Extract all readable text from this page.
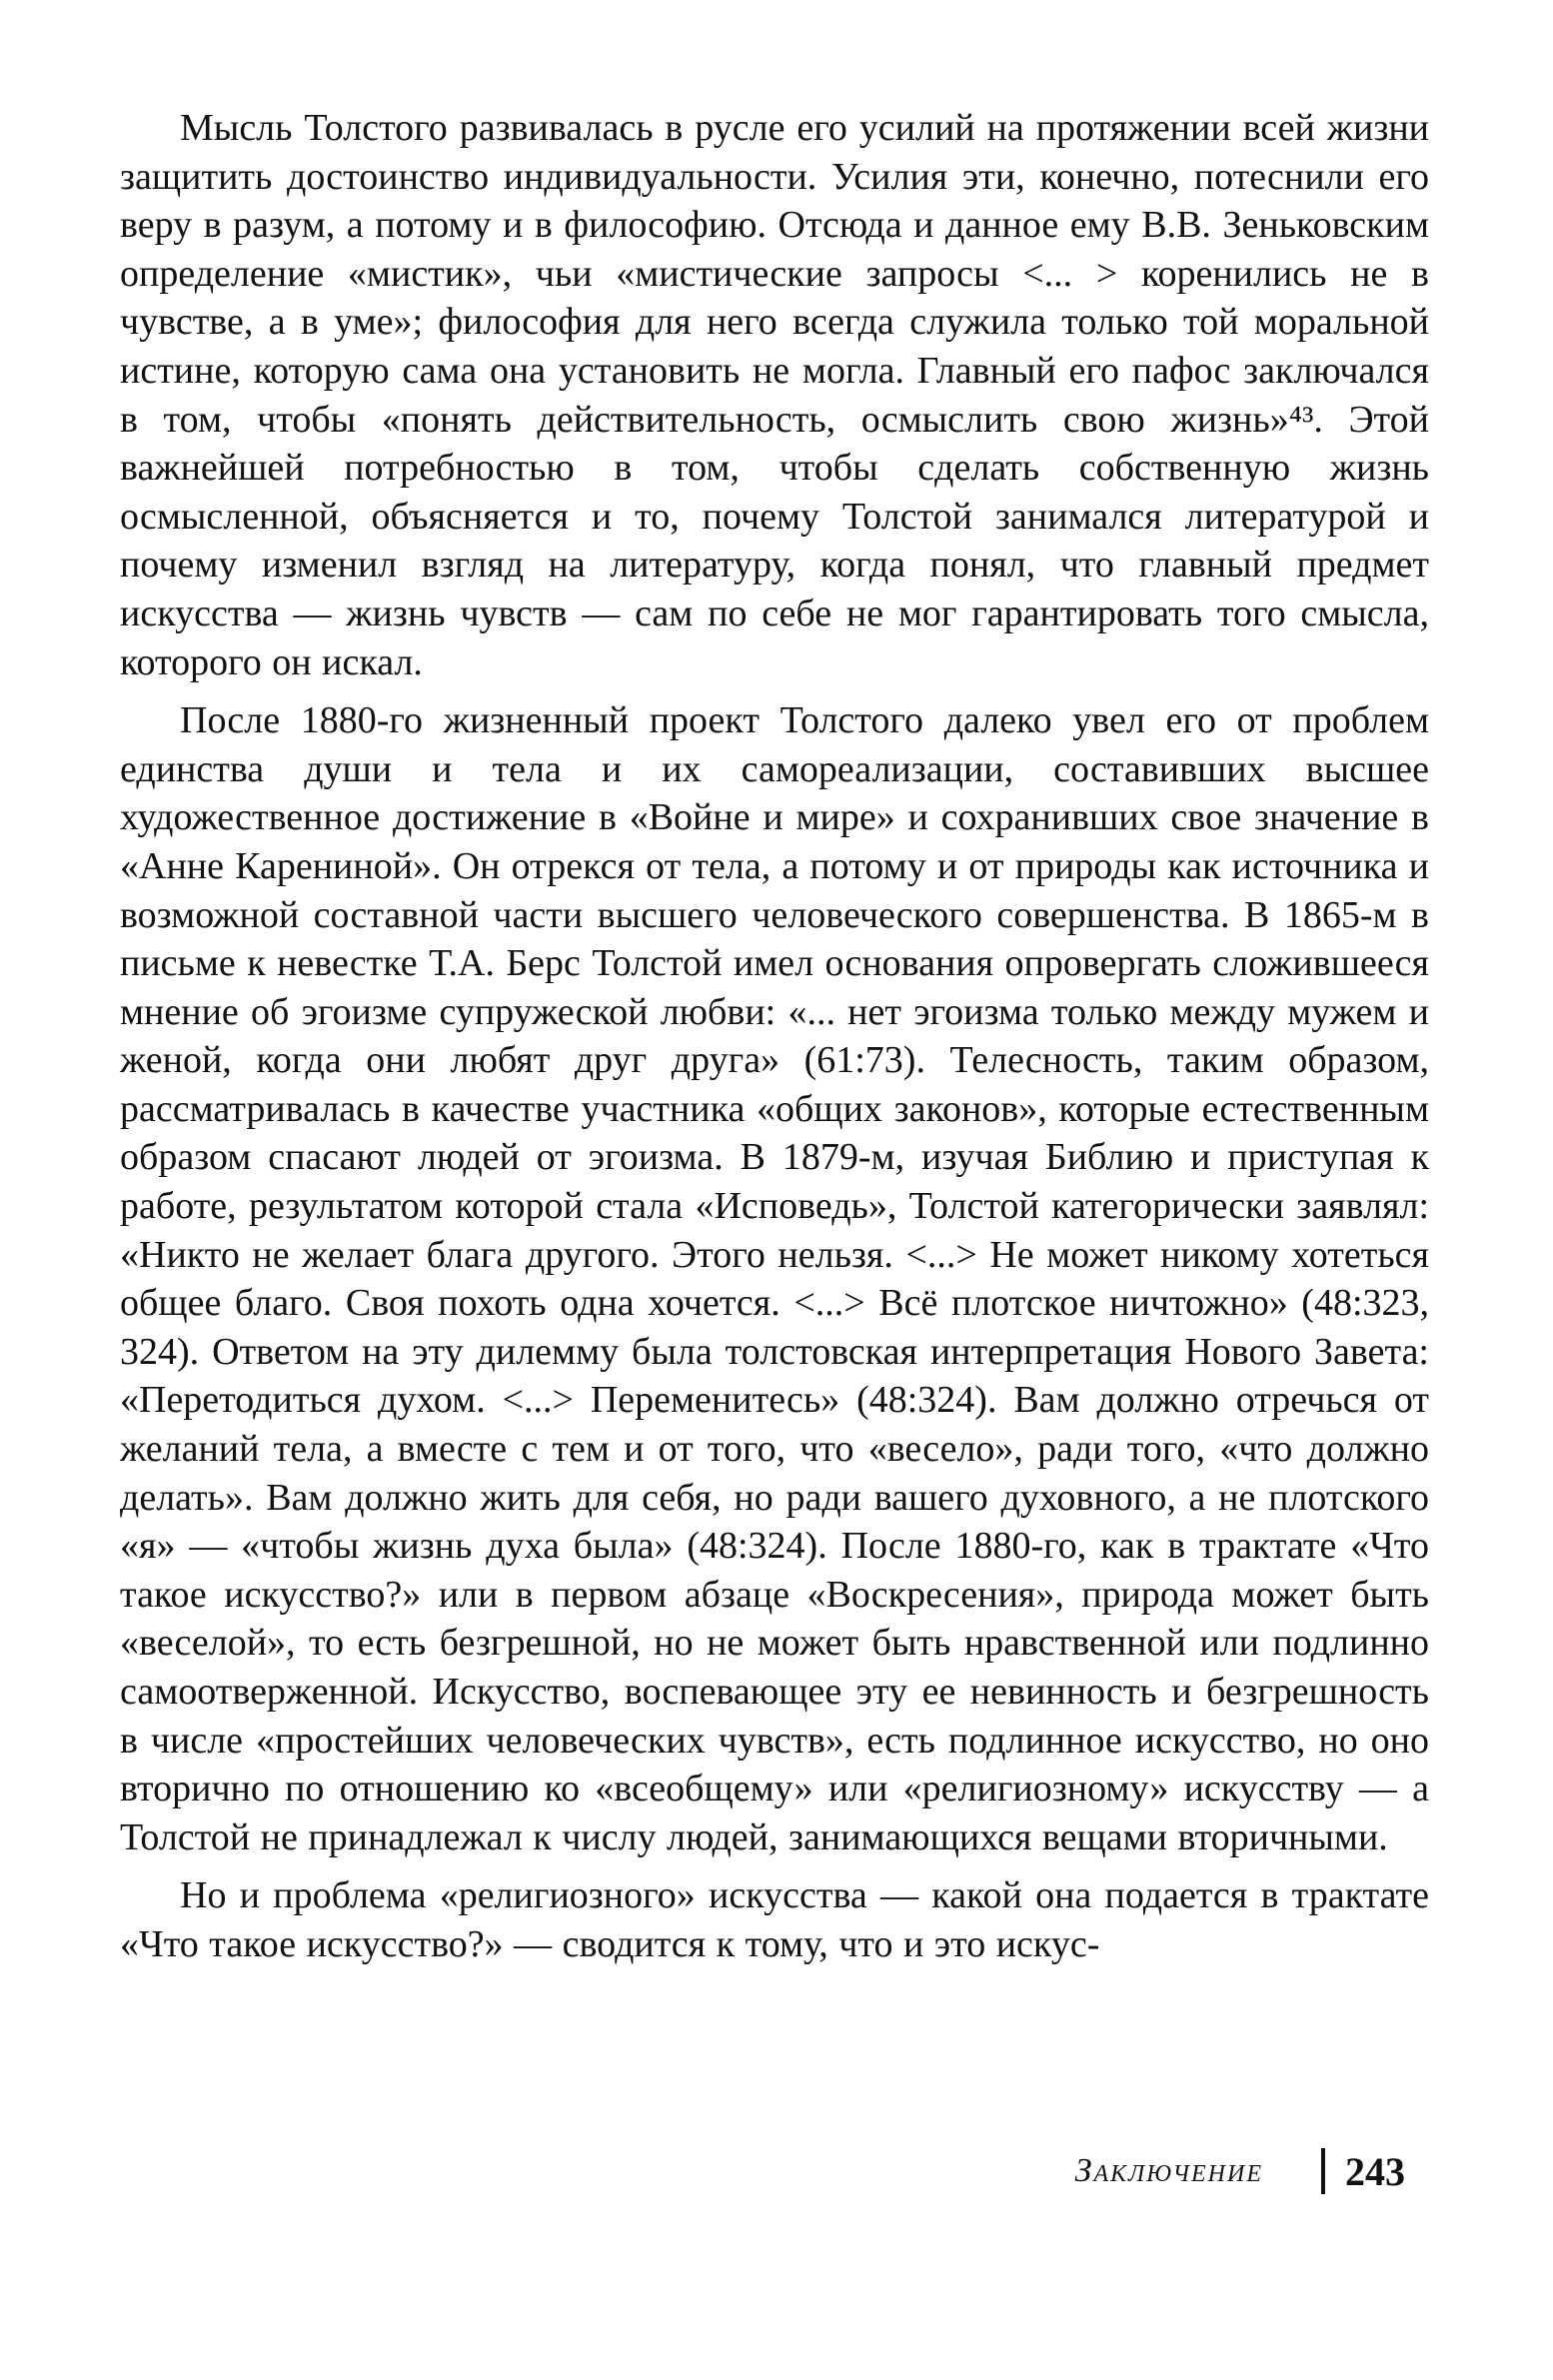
Мысль Толстого развивалась в русле его усилий на протяжении всей жизни защитить достоинство индивидуальности. Усилия эти, конечно, потеснили его веру в разум, а потому и в философию. Отсюда и данное ему В.В. Зеньковским определение «мистик», чьи «мистические запросы <... > коренились не в чувстве, а в уме»; философия для него всегда служила только той моральной истине, которую сама она установить не могла. Главный его пафос заключался в том, чтобы «понять действительность, осмыслить свою жизнь»⁴³. Этой важнейшей потребностью в том, чтобы сделать собственную жизнь осмысленной, объясняется и то, почему Толстой занимался литературой и почему изменил взгляд на литературу, когда понял, что главный предмет искусства — жизнь чувств — сам по себе не мог гарантировать того смысла, которого он искал.

После 1880-го жизненный проект Толстого далеко увел его от проблем единства души и тела и их самореализации, составивших высшее художественное достижение в «Войне и мире» и сохранивших свое значение в «Анне Карениной». Он отрекся от тела, а потому и от природы как источника и возможной составной части высшего человеческого совершенства. В 1865-м в письме к невестке Т.А. Берс Толстой имел основания опровергать сложившееся мнение об эгоизме супружеской любви: «... нет эгоизма только между мужем и женой, когда они любят друг друга» (61:73). Телесность, таким образом, рассматривалась в качестве участника «общих законов», которые естественным образом спасают людей от эгоизма. В 1879-м, изучая Библию и приступая к работе, результатом которой стала «Исповедь», Толстой категорически заявлял: «Никто не желает блага другого. Этого нельзя. <...> Не может никому хотеться общее благо. Своя похоть одна хочется. <...> Всё плотское ничтожно» (48:323, 324). Ответом на эту дилемму была толстовская интерпретация Нового Завета: «Перетодиться духом. <...> Переменитесь» (48:324). Вам должно отречься от желаний тела, а вместе с тем и от того, что «весело», ради того, «что должно делать». Вам должно жить для себя, но ради вашего духовного, а не плотского «я» — «чтобы жизнь духа была» (48:324). После 1880-го, как в трактате «Что такое искусство?» или в первом абзаце «Воскресения», природа может быть «веселой», то есть безгрешной, но не может быть нравственной или подлинно самоотверженной. Искусство, воспевающее эту ее невинность и безгрешность в числе «простейших человеческих чувств», есть подлинное искусство, но оно вторично по отношению ко «всеобщему» или «религиозному» искусству — а Толстой не принадлежал к числу людей, занимающихся вещами вторичными.

Но и проблема «религиозного» искусства — какой она подается в трактате «Что такое искусство?» — сводится к тому, что и это искус-

Заключение 243
